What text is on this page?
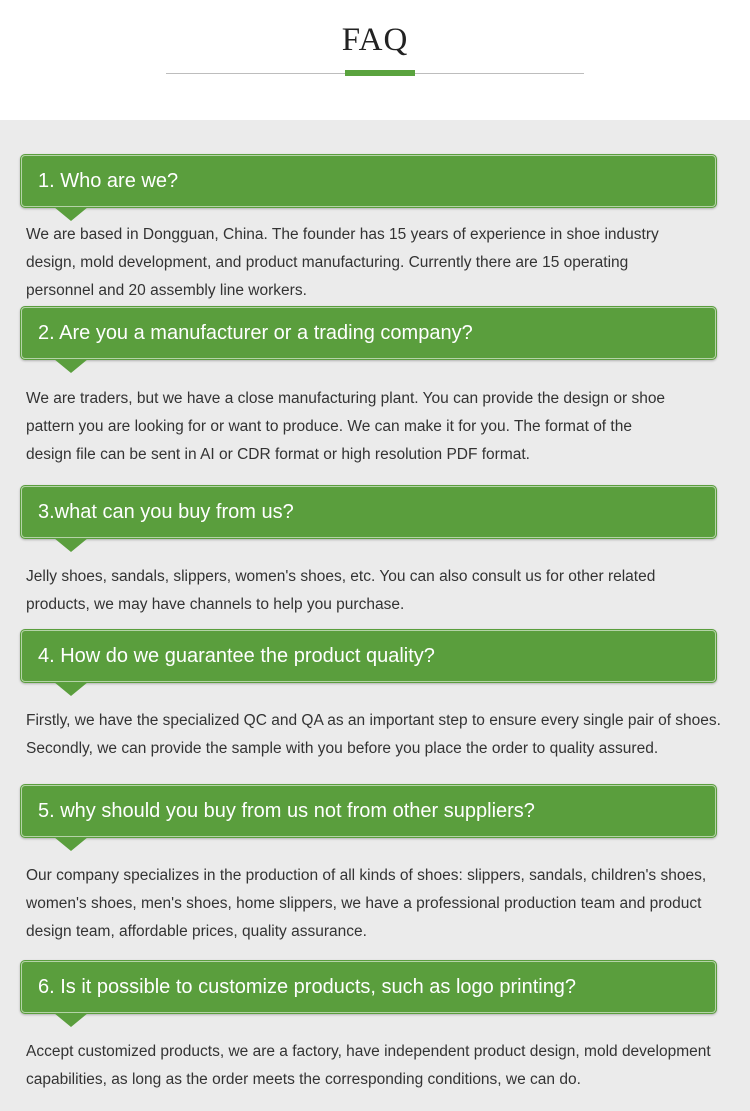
FAQ
1. Who are we?
We are based in Dongguan, China. The founder has 15 years of experience in shoe industry
design, mold development, and product manufacturing. Currently there are 15 operating
personnel and 20 assembly line workers.
2. Are you a manufacturer or a trading company?
We are traders, but we have a close manufacturing plant. You can provide the design or shoe
pattern you are looking for or want to produce. We can make it for you. The format of the
design file can be sent in AI or CDR format or high resolution PDF format.
3.what can you buy from us?
Jelly shoes, sandals, slippers, women's shoes, etc. You can also consult us for other related
products, we may have channels to help you purchase.
4. How do we guarantee the product quality?
Firstly, we have the specialized QC and QA as an important step to ensure every single pair of shoes.
Secondly, we can provide the sample with you before you place the order to quality assured.
5. why should you buy from us not from other suppliers?
Our company specializes in the production of all kinds of shoes: slippers, sandals, children's shoes,
women's shoes, men's shoes, home slippers, we have a professional production team and product
design team, affordable prices, quality assurance.
6. Is it possible to customize products, such as logo printing?
Accept customized products, we are a factory, have independent product design, mold development
capabilities, as long as the order meets the corresponding conditions, we can do.
